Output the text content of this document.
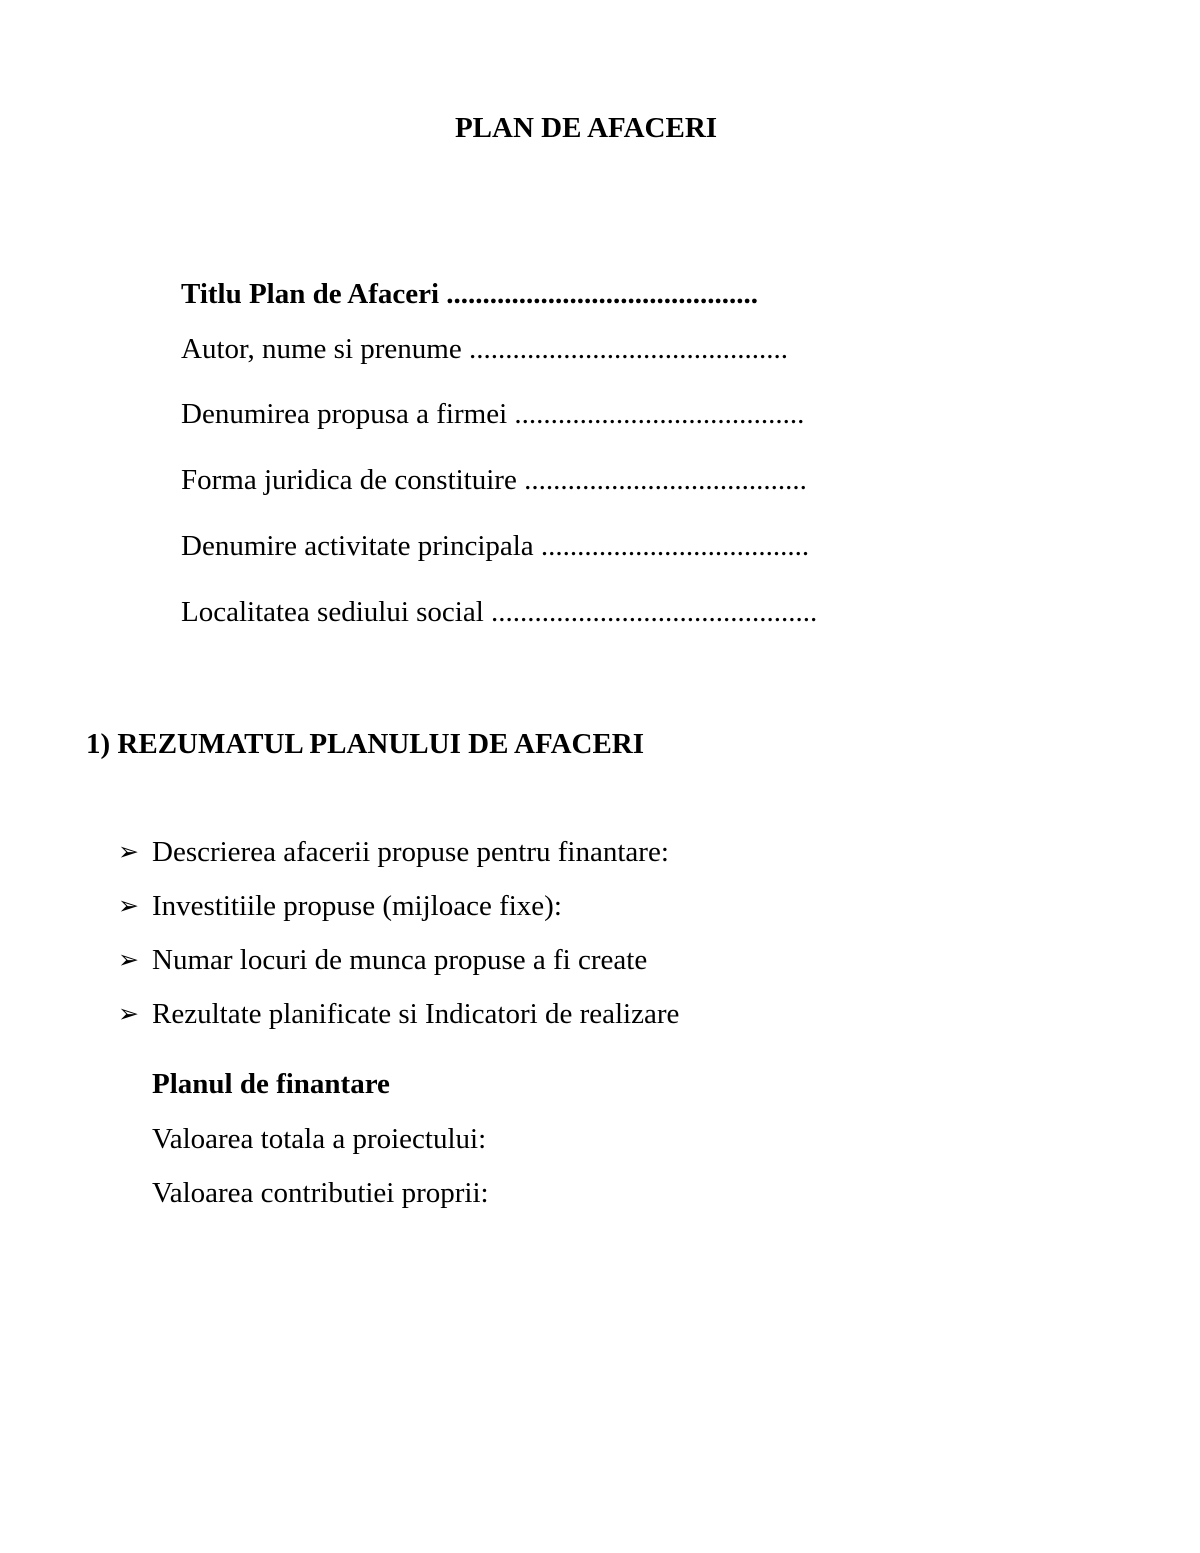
PLAN DE AFACERI
Titlu Plan de Afaceri ...........................................
Autor, nume si prenume ............................................
Denumirea propusa a firmei ........................................
Forma juridica de constituire .......................................
Denumire activitate principala .....................................
Localitatea sediului social .............................................
1) REZUMATUL PLANULUI DE AFACERI
➢ Descrierea afacerii propuse pentru finantare:
➢ Investitiile propuse (mijloace fixe):
➢ Numar locuri de munca propuse a fi create
➢ Rezultate planificate si Indicatori de realizare
Planul de finantare
Valoarea totala a proiectului:
Valoarea contributiei proprii:
